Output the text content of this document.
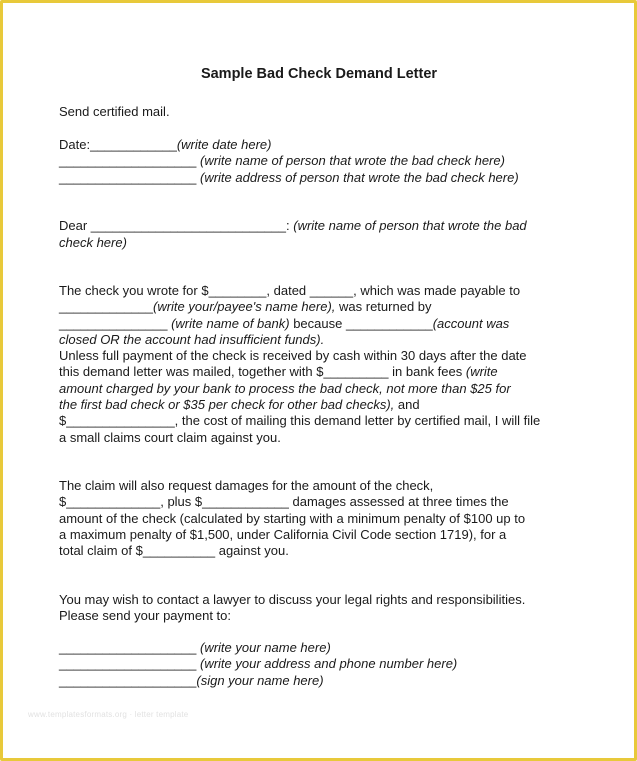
Sample Bad Check Demand Letter
Send certified mail.
Date:____________(write date here)
___________________ (write name of person that wrote the bad check here)
___________________ (write address of person that wrote the bad check here)
Dear ___________________________: (write name of person that wrote the bad
check here)
The check you wrote for $________, dated ______, which was made payable to
_____________(write your/payee's name here), was returned by
_______________ (write name of bank) because ____________(account was
closed OR the account had insufficient funds).
Unless full payment of the check is received by cash within 30 days after the date
this demand letter was mailed, together with $_________ in bank fees (write
amount charged by your bank to process the bad check, not more than $25 for
the first bad check or $35 per check for other bad checks), and
$_______________, the cost of mailing this demand letter by certified mail, I will file
a small claims court claim against you.
The claim will also request damages for the amount of the check,
$_____________, plus $____________ damages assessed at three times the
amount of the check (calculated by starting with a minimum penalty of $100 up to
a maximum penalty of $1,500, under California Civil Code section 1719), for a
total claim of $__________ against you.
You may wish to contact a lawyer to discuss your legal rights and responsibilities.
Please send your payment to:
___________________ (write your name here)
___________________ (write your address and phone number here)
___________________(sign your name here)
www.templatesformats.org · letter template
